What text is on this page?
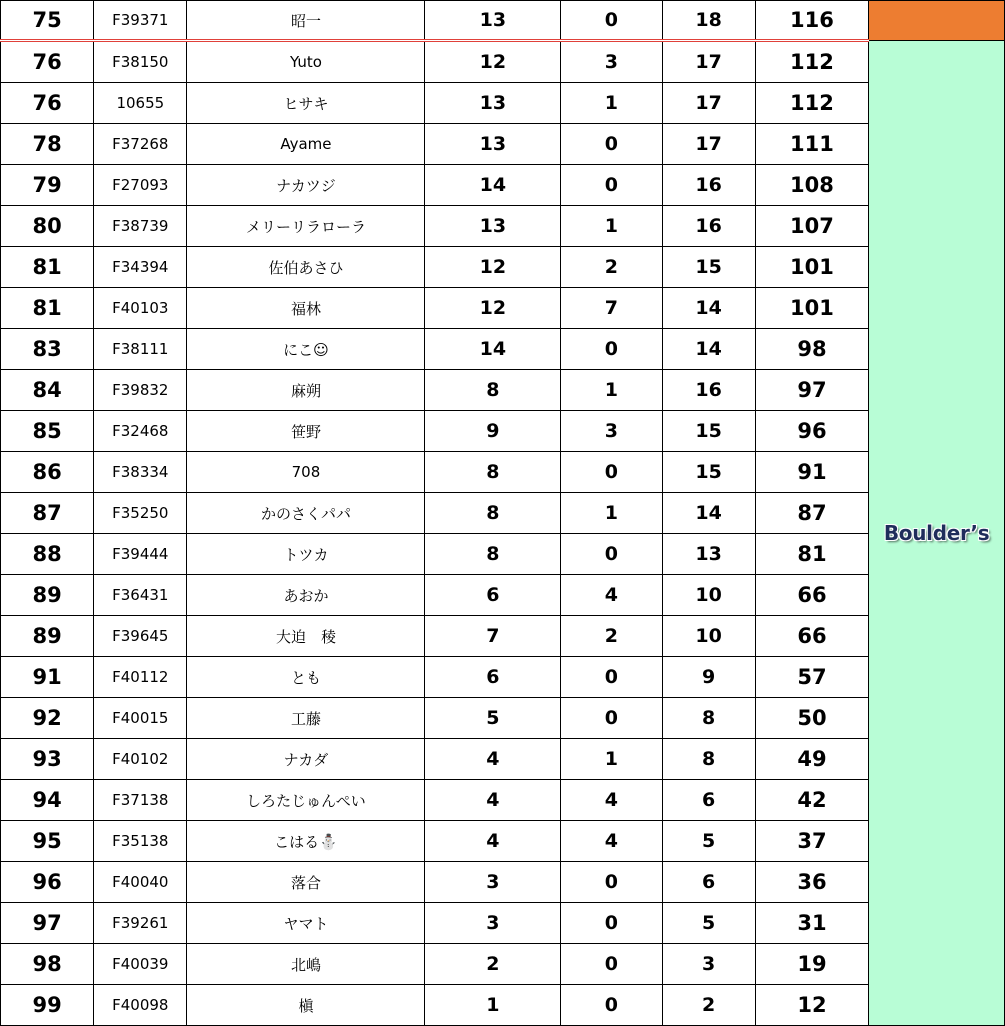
75	F39371	昭一	13	0	18	116	
76	F38150	Yuto	12	3	17	112	Boulder’s
76	10655	ヒサキ	13	1	17	112	
78	F37268	Ayame	13	0	17	111	
79	F27093	ナカツジ	14	0	16	108	
80	F38739	メリーリラローラ	13	1	16	107	
81	F34394	佐伯あさひ	12	2	15	101	
81	F40103	福林	12	7	14	101	
83	F38111	にこ☺	14	0	14	98	
84	F39832	麻朔	8	1	16	97	
85	F32468	笹野	9	3	15	96	
86	F38334	708	8	0	15	91	
87	F35250	かのさくパパ	8	1	14	87	
88	F39444	トツカ	8	0	13	81	
89	F36431	あおか	6	4	10	66	
89	F39645	大迫　稜	7	2	10	66	
91	F40112	とも	6	0	9	57	
92	F40015	工藤	5	0	8	50	
93	F40102	ナカダ	4	1	8	49	
94	F37138	しろたじゅんぺい	4	4	6	42	
95	F35138	こはる⛄	4	4	5	37	
96	F40040	落合	3	0	6	36	
97	F39261	ヤマト	3	0	5	31	
98	F40039	北嶋	2	0	3	19	
99	F40098	槇	1	0	2	12	
